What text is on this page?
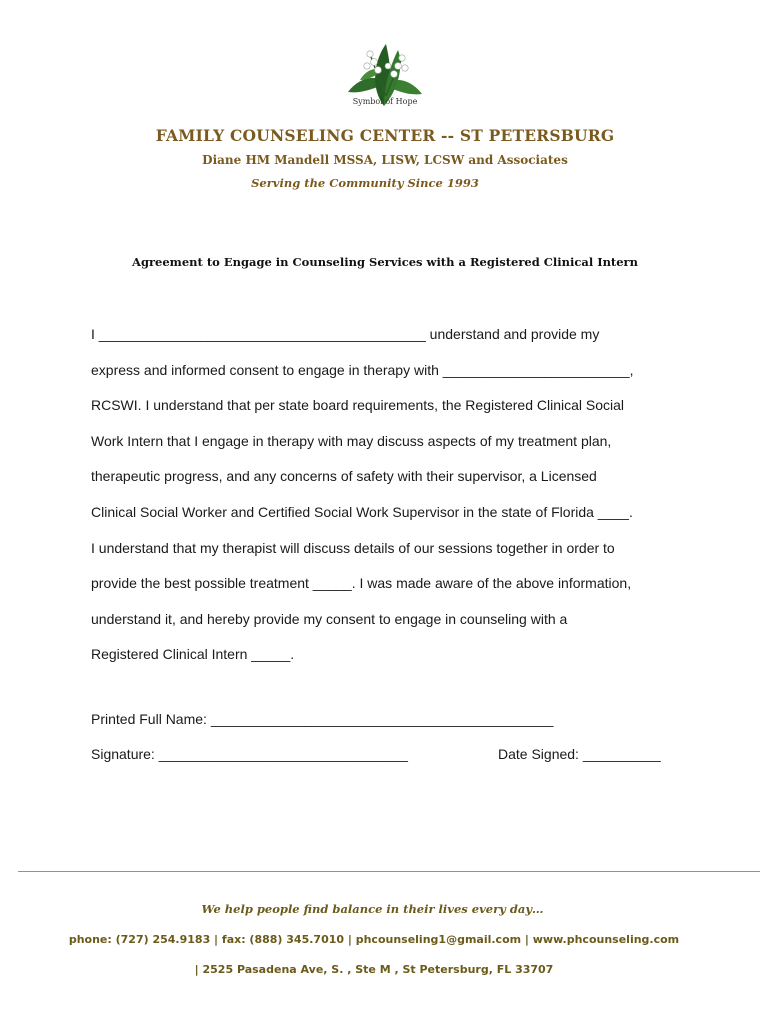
Symbol of Hope
FAMILY COUNSELING CENTER -- ST PETERSBURG
Diane HM Mandell MSSA, LISW, LCSW and Associates
Serving the Community Since 1993
Agreement to Engage in Counseling Services with a Registered Clinical Intern
I __________________________________________ understand and provide my
express and informed consent to engage in therapy with ________________________,
RCSWI. I understand that per state board requirements, the Registered Clinical Social
Work Intern that I engage in therapy with may discuss aspects of my treatment plan,
therapeutic progress, and any concerns of safety with their supervisor, a Licensed
Clinical Social Worker and Certified Social Work Supervisor in the state of Florida ____.
I understand that my therapist will discuss details of our sessions together in order to
provide the best possible treatment _____. I was made aware of the above information,
understand it, and hereby provide my consent to engage in counseling with a
Registered Clinical Intern _____.
Printed Full Name: ____________________________________________
Signature: ________________________________	Date Signed: __________
We help people find balance in their lives every day…
phone: (727) 254.9183 | fax: (888) 345.7010 | phcounseling1@gmail.com | www.phcounseling.com
| 2525 Pasadena Ave, S. , Ste M , St Petersburg, FL 33707
